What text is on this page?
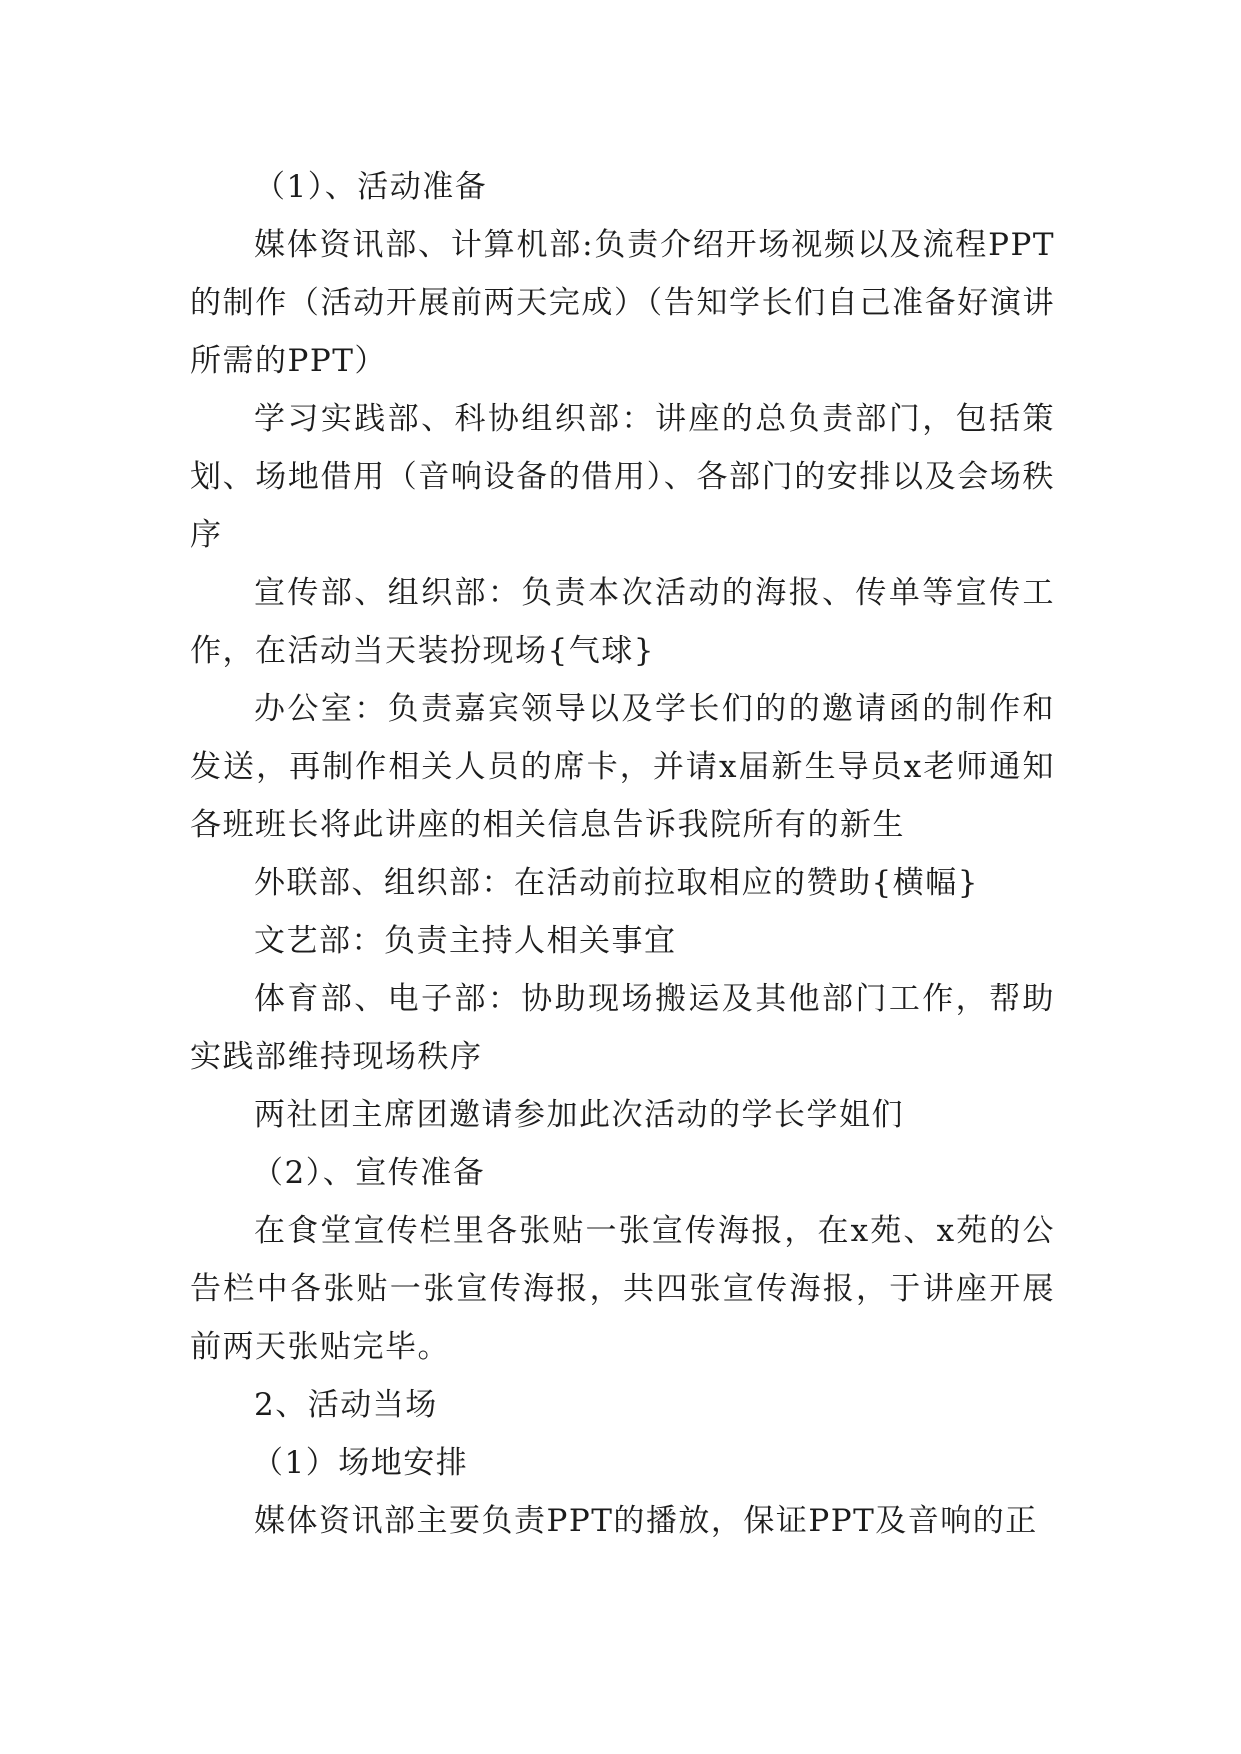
（1）、活动准备

媒体资讯部、计算机部:负责介绍开场视频以及流程PPT的制作（活动开展前两天完成）（告知学长们自己准备好演讲所需的PPT）

学习实践部、科协组织部：讲座的总负责部门，包括策划、场地借用（音响设备的借用）、各部门的安排以及会场秩序

宣传部、组织部：负责本次活动的海报、传单等宣传工作，在活动当天装扮现场{气球}

办公室：负责嘉宾领导以及学长们的的邀请函的制作和发送，再制作相关人员的席卡，并请x届新生导员x老师通知各班班长将此讲座的相关信息告诉我院所有的新生

外联部、组织部：在活动前拉取相应的赞助{横幅}

文艺部：负责主持人相关事宜

体育部、电子部：协助现场搬运及其他部门工作，帮助实践部维持现场秩序

两社团主席团邀请参加此次活动的学长学姐们

（2）、宣传准备

在食堂宣传栏里各张贴一张宣传海报，在x苑、x苑的公告栏中各张贴一张宣传海报，共四张宣传海报，于讲座开展前两天张贴完毕。

2、活动当场

（1）场地安排

媒体资讯部主要负责PPT的播放，保证PPT及音响的正
